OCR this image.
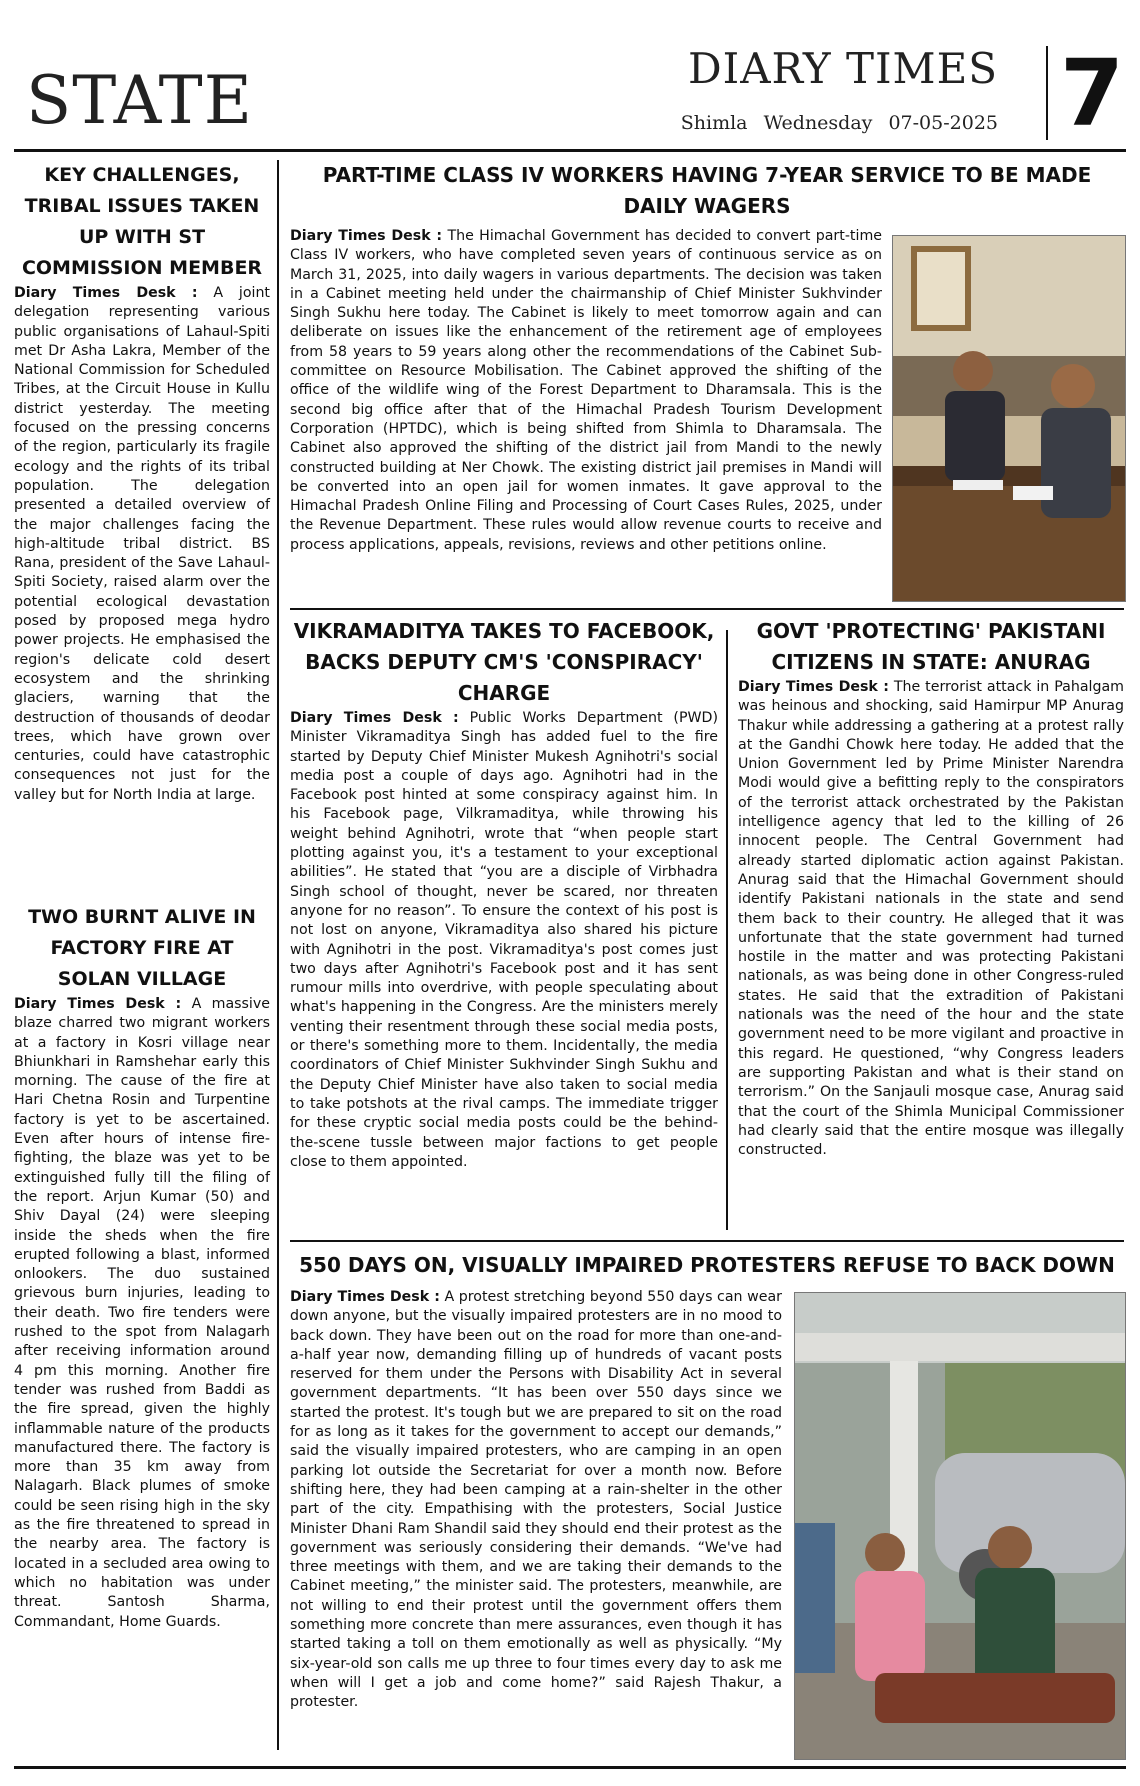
STATE	DIARY TIMES
Shimla Wednesday 07-05-2025 7
KEY CHALLENGES, TRIBAL ISSUES TAKEN UP WITH ST COMMISSION MEMBER
Diary Times Desk : A joint delegation representing various public organisations of Lahaul-Spiti met Dr Asha Lakra, Member of the National Commission for Scheduled Tribes, at the Circuit House in Kullu district yesterday. The meeting focused on the pressing concerns of the region, particularly its fragile ecology and the rights of its tribal population. The delegation presented a detailed overview of the major challenges facing the high-altitude tribal district. BS Rana, president of the Save Lahaul-Spiti Society, raised alarm over the potential ecological devastation posed by proposed mega hydro power projects. He emphasised the region's delicate cold desert ecosystem and the shrinking glaciers, warning that the destruction of thousands of deodar trees, which have grown over centuries, could have catastrophic consequences not just for the valley but for North India at large.
TWO BURNT ALIVE IN FACTORY FIRE AT SOLAN VILLAGE
Diary Times Desk : A massive blaze charred two migrant workers at a factory in Kosri village near Bhiunkhari in Ramshehar early this morning. The cause of the fire at Hari Chetna Rosin and Turpentine factory is yet to be ascertained. Even after hours of intense fire-fighting, the blaze was yet to be extinguished fully till the filing of the report. Arjun Kumar (50) and Shiv Dayal (24) were sleeping inside the sheds when the fire erupted following a blast, informed onlookers. The duo sustained grievous burn injuries, leading to their death. Two fire tenders were rushed to the spot from Nalagarh after receiving information around 4 pm this morning. Another fire tender was rushed from Baddi as the fire spread, given the highly inflammable nature of the products manufactured there. The factory is more than 35 km away from Nalagarh. Black plumes of smoke could be seen rising high in the sky as the fire threatened to spread in the nearby area. The factory is located in a secluded area owing to which no habitation was under threat. Santosh Sharma, Commandant, Home Guards.
PART-TIME CLASS IV WORKERS HAVING 7-YEAR SERVICE TO BE MADE DAILY WAGERS
Diary Times Desk : The Himachal Government has decided to convert part-time Class IV workers, who have completed seven years of continuous service as on March 31, 2025, into daily wagers in various departments. The decision was taken in a Cabinet meeting held under the chairmanship of Chief Minister Sukhvinder Singh Sukhu here today. The Cabinet is likely to meet tomorrow again and can deliberate on issues like the enhancement of the retirement age of employees from 58 years to 59 years along other the recommendations of the Cabinet Sub-committee on Resource Mobilisation. The Cabinet approved the shifting of the office of the wildlife wing of the Forest Department to Dharamsala. This is the second big office after that of the Himachal Pradesh Tourism Development Corporation (HPTDC), which is being shifted from Shimla to Dharamsala. The Cabinet also approved the shifting of the district jail from Mandi to the newly constructed building at Ner Chowk. The existing district jail premises in Mandi will be converted into an open jail for women inmates. It gave approval to the Himachal Pradesh Online Filing and Processing of Court Cases Rules, 2025, under the Revenue Department. These rules would allow revenue courts to receive and process applications, appeals, revisions, reviews and other petitions online.
VIKRAMADITYA TAKES TO FACEBOOK, BACKS DEPUTY CM'S 'CONSPIRACY' CHARGE
Diary Times Desk : Public Works Department (PWD) Minister Vikramaditya Singh has added fuel to the fire started by Deputy Chief Minister Mukesh Agnihotri's social media post a couple of days ago. Agnihotri had in the Facebook post hinted at some conspiracy against him. In his Facebook page, Vilkramaditya, while throwing his weight behind Agnihotri, wrote that “when people start plotting against you, it's a testament to your exceptional abilities”. He stated that “you are a disciple of Virbhadra Singh school of thought, never be scared, nor threaten anyone for no reason”. To ensure the context of his post is not lost on anyone, Vikramaditya also shared his picture with Agnihotri in the post. Vikramaditya's post comes just two days after Agnihotri's Facebook post and it has sent rumour mills into overdrive, with people speculating about what's happening in the Congress. Are the ministers merely venting their resentment through these social media posts, or there's something more to them. Incidentally, the media coordinators of Chief Minister Sukhvinder Singh Sukhu and the Deputy Chief Minister have also taken to social media to take potshots at the rival camps. The immediate trigger for these cryptic social media posts could be the behind-the-scene tussle between major factions to get people close to them appointed.
GOVT 'PROTECTING' PAKISTANI CITIZENS IN STATE: ANURAG
Diary Times Desk : The terrorist attack in Pahalgam was heinous and shocking, said Hamirpur MP Anurag Thakur while addressing a gathering at a protest rally at the Gandhi Chowk here today. He added that the Union Government led by Prime Minister Narendra Modi would give a befitting reply to the conspirators of the terrorist attack orchestrated by the Pakistan intelligence agency that led to the killing of 26 innocent people. The Central Government had already started diplomatic action against Pakistan. Anurag said that the Himachal Government should identify Pakistani nationals in the state and send them back to their country. He alleged that it was unfortunate that the state government had turned hostile in the matter and was protecting Pakistani nationals, as was being done in other Congress-ruled states. He said that the extradition of Pakistani nationals was the need of the hour and the state government need to be more vigilant and proactive in this regard. He questioned, “why Congress leaders are supporting Pakistan and what is their stand on terrorism.” On the Sanjauli mosque case, Anurag said that the court of the Shimla Municipal Commissioner had clearly said that the entire mosque was illegally constructed.
550 DAYS ON, VISUALLY IMPAIRED PROTESTERS REFUSE TO BACK DOWN
Diary Times Desk : A protest stretching beyond 550 days can wear down anyone, but the visually impaired protesters are in no mood to back down. They have been out on the road for more than one-and-a-half year now, demanding filling up of hundreds of vacant posts reserved for them under the Persons with Disability Act in several government departments. “It has been over 550 days since we started the protest. It's tough but we are prepared to sit on the road for as long as it takes for the government to accept our demands,” said the visually impaired protesters, who are camping in an open parking lot outside the Secretariat for over a month now. Before shifting here, they had been camping at a rain-shelter in the other part of the city. Empathising with the protesters, Social Justice Minister Dhani Ram Shandil said they should end their protest as the government was seriously considering their demands. “We've had three meetings with them, and we are taking their demands to the Cabinet meeting,” the minister said. The protesters, meanwhile, are not willing to end their protest until the government offers them something more concrete than mere assurances, even though it has started taking a toll on them emotionally as well as physically. “My six-year-old son calls me up three to four times every day to ask me when will I get a job and come home?” said Rajesh Thakur, a protester.
